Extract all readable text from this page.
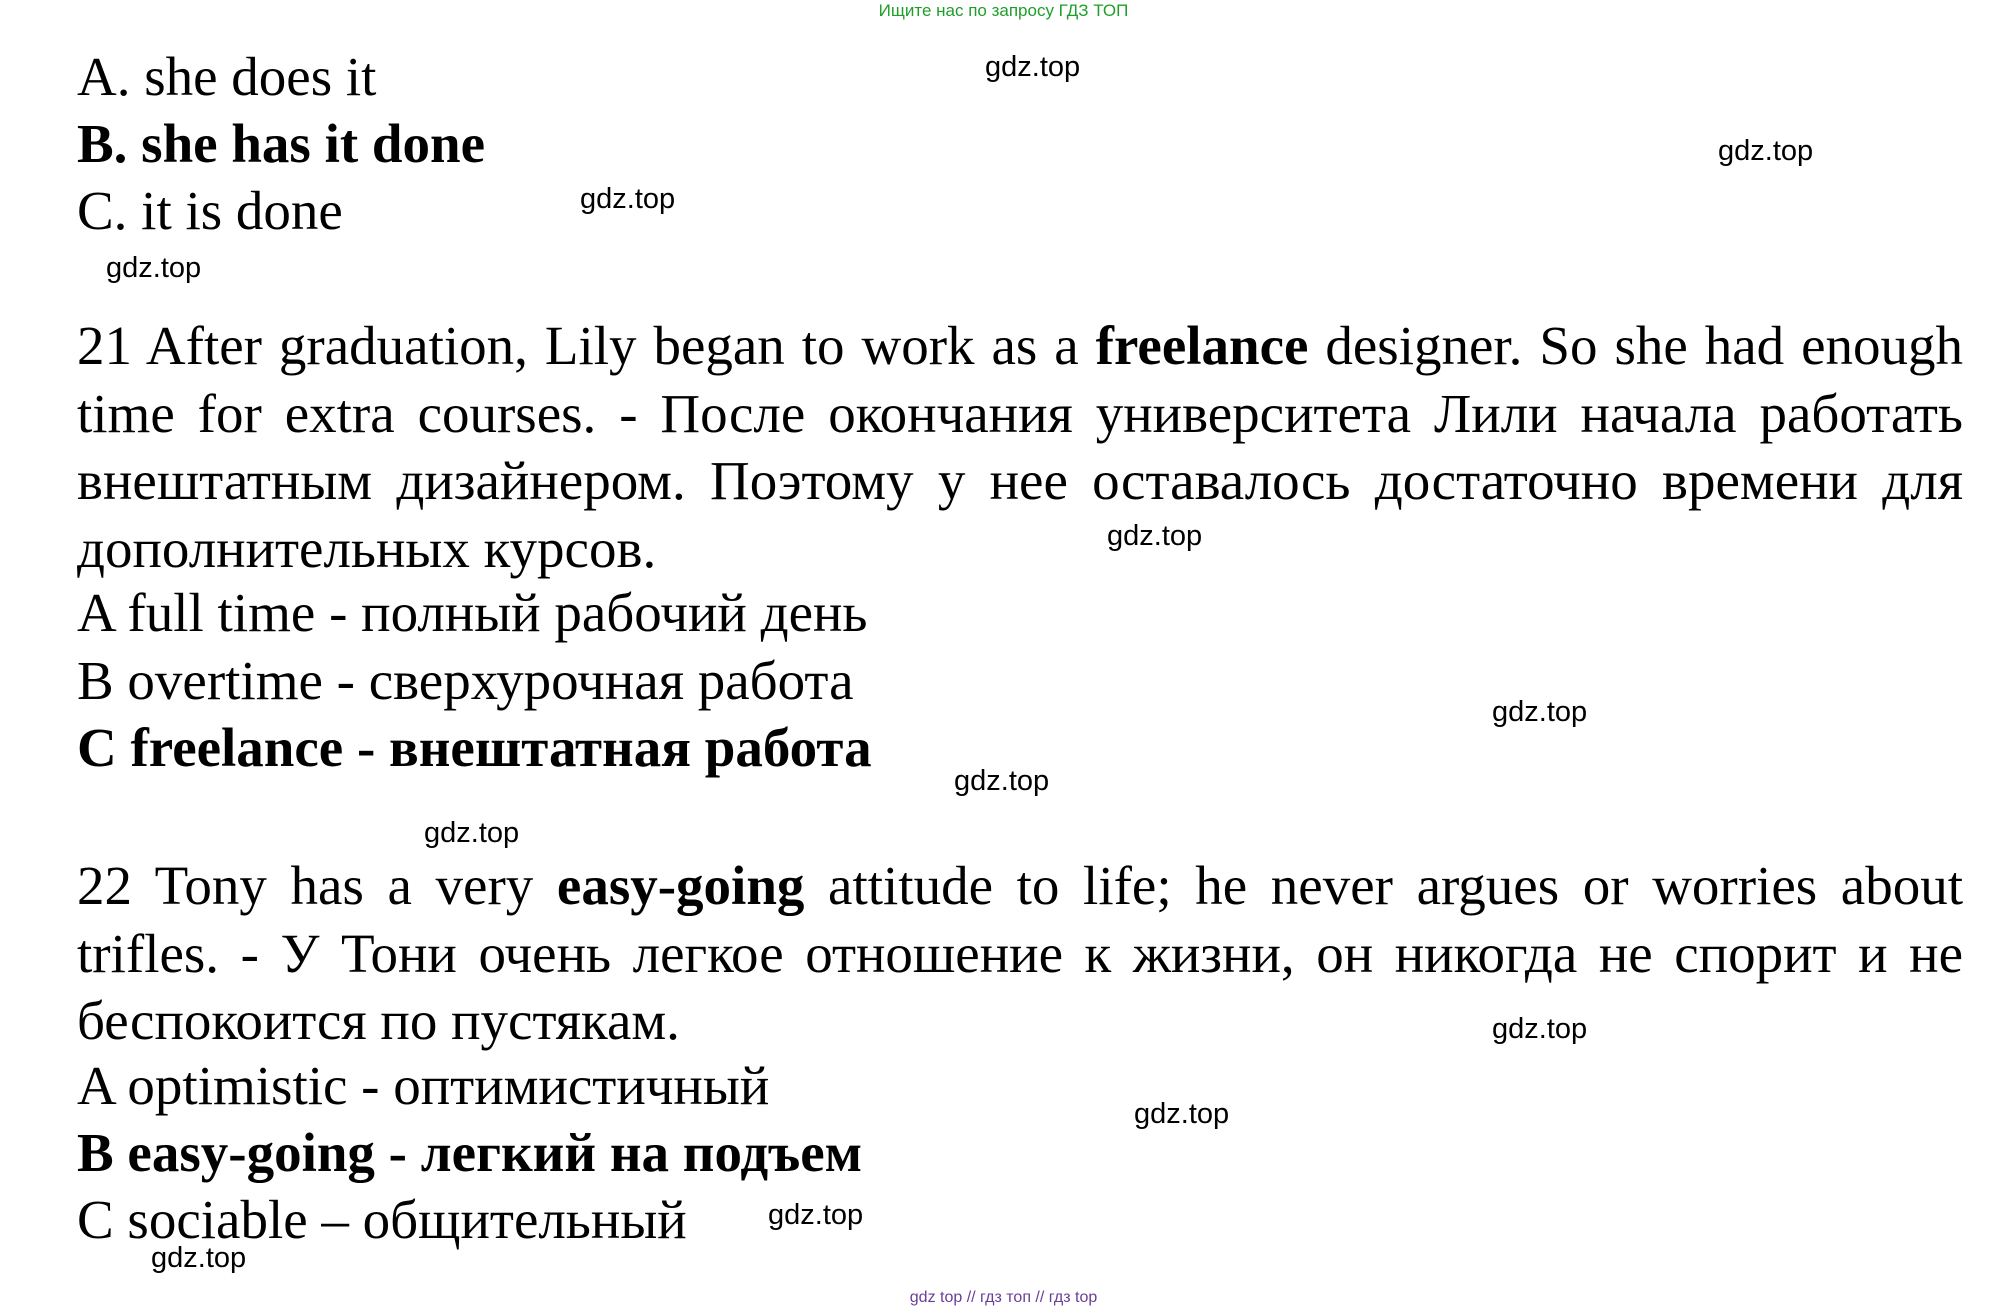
Ищите нас по запросу ГДЗ ТОП
A. she does it
B. she has it done
C. it is done

21 After graduation, Lily began to work as a freelance designer. So she had enough time for extra courses. - После окончания университета Лили начала работать внештатным дизайнером. Поэтому у нее оставалось достаточно времени для дополнительных курсов.

A full time - полный рабочий день
B overtime - сверхурочная работа
C freelance - внештатная работа

22 Tony has a very easy-going attitude to life; he never argues or worries about trifles. - У Тони очень легкое отношение к жизни, он никогда не спорит и не беспокоится по пустякам.

A optimistic - оптимистичный
B easy-going - легкий на подъем
C sociable – общительный
gdz.top
gdz.top
gdz.top
gdz.top
gdz.top
gdz.top
gdz.top
gdz.top
gdz.top
gdz.top
gdz.top
gdz.top
gdz top // гдз топ // гдз top
